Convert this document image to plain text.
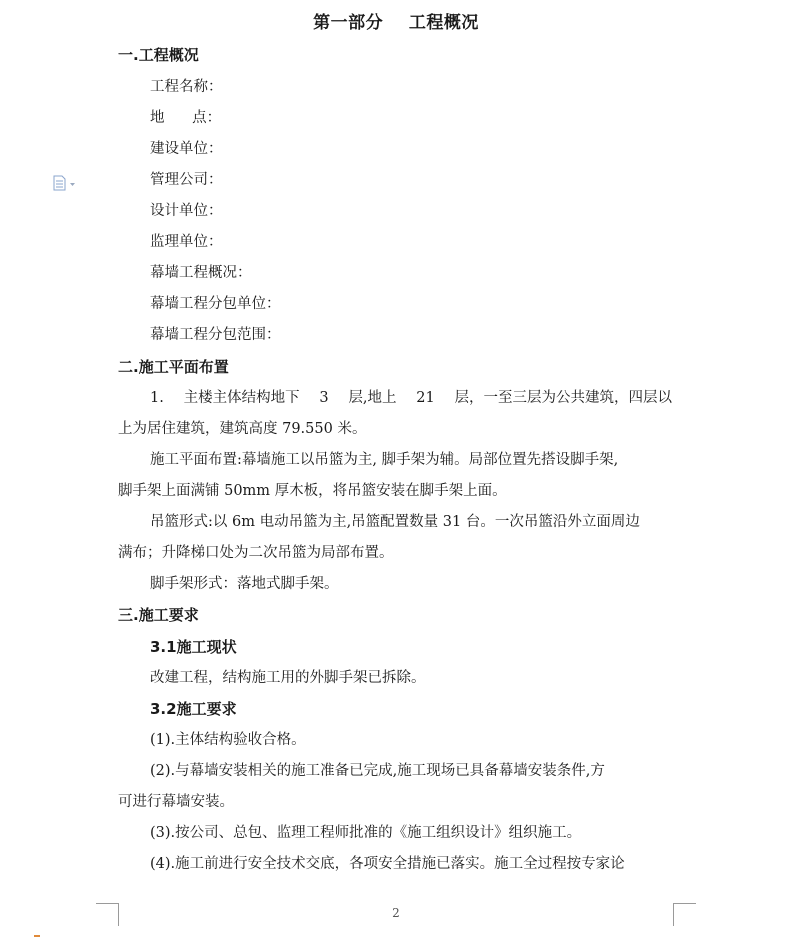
第一部分    工程概况
一.工程概况
工程名称：
地      点：
建设单位：
管理公司：
设计单位：
监理单位：
幕墙工程概况：
幕墙工程分包单位：
幕墙工程分包范围：
二.施工平面布置
1. 主楼主体结构地下 3 层,地上 21 层，一至三层为公共建筑，四层以
上为居住建筑，建筑高度 79.550 米。
施工平面布置:幕墙施工以吊篮为主, 脚手架为辅。局部位置先搭设脚手架,
脚手架上面满铺 50mm 厚木板，将吊篮安装在脚手架上面。
吊篮形式:以 6m 电动吊篮为主,吊篮配置数量 31 台。一次吊篮沿外立面周边
满布；升降梯口处为二次吊篮为局部布置。
脚手架形式：落地式脚手架。
三.施工要求
3.1施工现状
改建工程，结构施工用的外脚手架已拆除。
3.2施工要求
(1).主体结构验收合格。
(2).与幕墙安装相关的施工准备已完成,施工现场已具备幕墙安装条件,方
可进行幕墙安装。
(3).按公司、总包、监理工程师批准的《施工组织设计》组织施工。
(4).施工前进行安全技术交底，各项安全措施已落实。施工全过程按专家论
2
